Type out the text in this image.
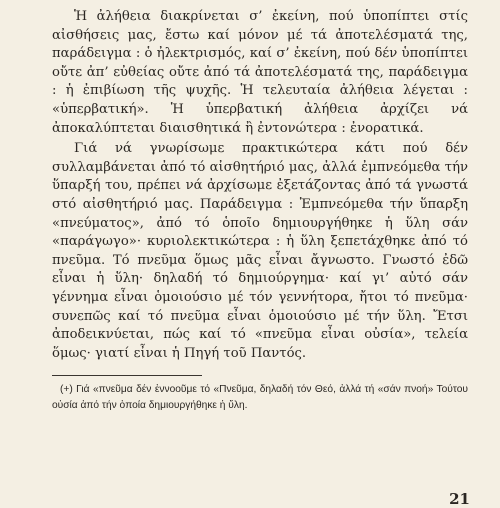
Ἡ ἀλήθεια διακρίνεται σ’ ἐκείνη, πού ὑποπίπτει στίς αἰσθήσεις μας, ἔστω καί μόνον μέ τά ἀποτελέσματά της, παράδειγμα : ὁ ἠλεκτρισμός, καί σ’ ἐκείνη, πού δέν ὑποπίπτει οὔτε ἀπ’ εὐθείας οὔτε ἀπό τά ἀποτελέσματά της, παράδειγμα : ἡ ἐπιβίωση τῆς ψυχῆς. Ἡ τελευταία ἀλήθεια λέγεται : «ὑπερβατική». Ἡ ὑπερβατική ἀλήθεια ἀρχίζει νά ἀποκαλύπτεται διαισθητικά ἢ ἐντονώτερα : ἐνορατικά.

Γιά νά γνωρίσωμε πρακτικώτερα κάτι πού δέν συλλαμβάνεται ἀπό τό αἰσθητήριό μας, ἀλλά ἐμπνεόμεθα τήν ὕπαρξή του, πρέπει νά ἀρχίσωμε ἐξετάζοντας ἀπό τά γνωστά στό αἰσθητήριό μας. Παράδειγμα : Ἐμπνεόμεθα τήν ὕπαρξη «πνεύματος», ἀπό τό ὁποῖο δημιουργήθηκε ἡ ὕλη σάν «παράγωγο»· κυριολεκτικώτερα : ἡ ὕλη ξεπετάχθηκε ἀπό τό πνεῦμα. Τό πνεῦμα ὅμως μᾶς εἶναι ἄγνωστο. Γνωστό ἐδῶ εἶναι ἡ ὕλη· δηλαδή τό δημιούργημα· καί γι’ αὐτό σάν γέννημα εἶναι ὁμοιούσιο μέ τόν γεννήτορα, ἤτοι τό πνεῦμα· συνεπῶς καί τό πνεῦμα εἶναι ὁμοιούσιο μέ τήν ὕλη. Ἔτσι ἀποδεικνύεται, πώς καί τό «πνεῦμα εἶναι οὐσία», τελεία ὅμως· γιατί εἶναι ἡ Πηγή τοῦ Παντός.

(+) Γιά «πνεῦμα δέν ἐννοοῦμε τό «Πνεῦμα, δηλαδή τόν Θεό, ἀλλά τή «σάν πνοή» Τούτου οὐσία ἀπό τήν ὁποία δημιουργήθηκε ἡ ὕλη.

21
